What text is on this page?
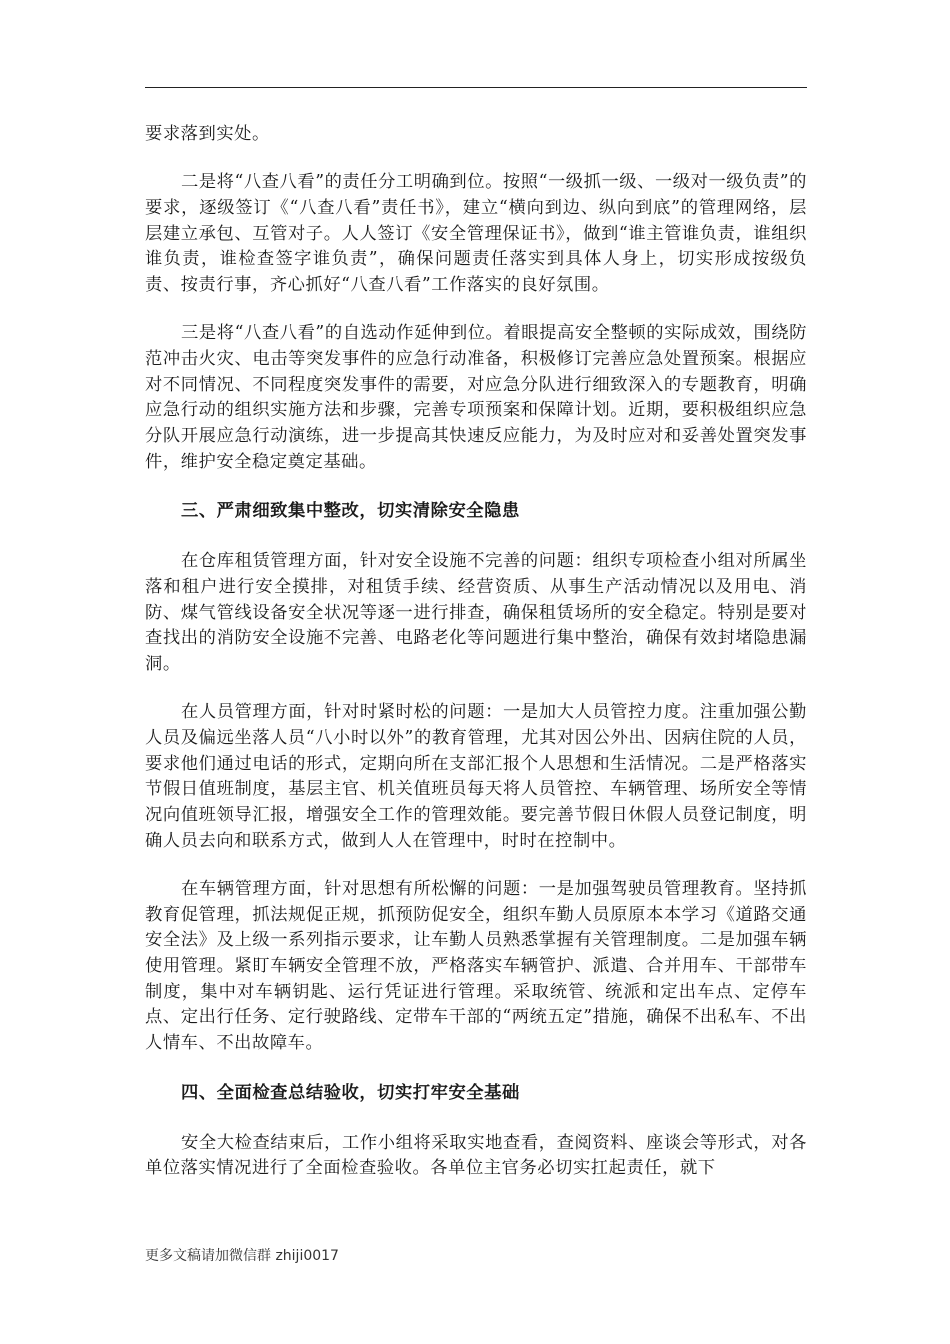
要求落到实处。

二是将“八查八看”的责任分工明确到位。按照“一级抓一级、一级对一级负责”的要求，逐级签订《“八查八看”责任书》，建立“横向到边、纵向到底”的管理网络，层层建立承包、互管对子。人人签订《安全管理保证书》，做到“谁主管谁负责，谁组织谁负责，谁检查签字谁负责”，确保问题责任落实到具体人身上，切实形成按级负责、按责行事，齐心抓好“八查八看”工作落实的良好氛围。

三是将“八查八看”的自选动作延伸到位。着眼提高安全整顿的实际成效，围绕防范冲击火灾、电击等突发事件的应急行动准备，积极修订完善应急处置预案。根据应对不同情况、不同程度突发事件的需要，对应急分队进行细致深入的专题教育，明确应急行动的组织实施方法和步骤，完善专项预案和保障计划。近期，要积极组织应急分队开展应急行动演练，进一步提高其快速反应能力，为及时应对和妥善处置突发事件，维护安全稳定奠定基础。

三、严肃细致集中整改，切实清除安全隐患

在仓库租赁管理方面，针对安全设施不完善的问题：组织专项检查小组对所属坐落和租户进行安全摸排，对租赁手续、经营资质、从事生产活动情况以及用电、消防、煤气管线设备安全状况等逐一进行排查，确保租赁场所的安全稳定。特别是要对查找出的消防安全设施不完善、电路老化等问题进行集中整治，确保有效封堵隐患漏洞。

在人员管理方面，针对时紧时松的问题：一是加大人员管控力度。注重加强公勤人员及偏远坐落人员“八小时以外”的教育管理，尤其对因公外出、因病住院的人员，要求他们通过电话的形式，定期向所在支部汇报个人思想和生活情况。二是严格落实节假日值班制度，基层主官、机关值班员每天将人员管控、车辆管理、场所安全等情况向值班领导汇报，增强安全工作的管理效能。要完善节假日休假人员登记制度，明确人员去向和联系方式，做到人人在管理中，时时在控制中。

在车辆管理方面，针对思想有所松懈的问题：一是加强驾驶员管理教育。坚持抓教育促管理，抓法规促正规，抓预防促安全，组织车勤人员原原本本学习《道路交通安全法》及上级一系列指示要求，让车勤人员熟悉掌握有关管理制度。二是加强车辆使用管理。紧盯车辆安全管理不放，严格落实车辆管护、派遣、合并用车、干部带车制度，集中对车辆钥匙、运行凭证进行管理。采取统管、统派和定出车点、定停车点、定出行任务、定行驶路线、定带车干部的“两统五定”措施，确保不出私车、不出人情车、不出故障车。

四、全面检查总结验收，切实打牢安全基础

安全大检查结束后，工作小组将采取实地查看，查阅资料、座谈会等形式，对各单位落实情况进行了全面检查验收。各单位主官务必切实扛起责任，就下

更多文稿请加微信群 zhiji0017
